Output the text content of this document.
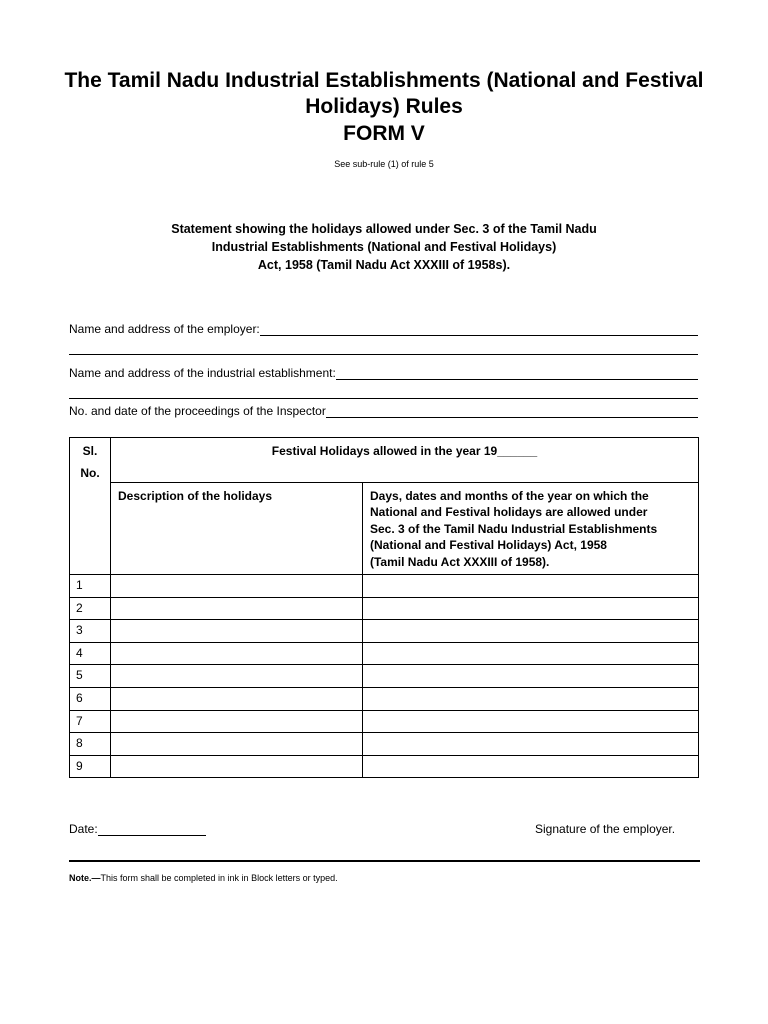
The Tamil Nadu Industrial Establishments (National and Festival Holidays) Rules
FORM V
See sub-rule (1) of rule 5
Statement showing the holidays allowed under Sec. 3 of the Tamil Nadu
Industrial Establishments (National and Festival Holidays)
Act, 1958 (Tamil Nadu Act XXXIII of 1958s).
Name and address of the employer:
Name and address of the industrial establishment:
No. and date of the proceedings of the Inspector
Sl. No.	Festival Holidays allowed in the year 19______	
	Description of the holidays	Days, dates and months of the year on which the
National and Festival holidays are allowed under
Sec. 3 of the Tamil Nadu Industrial Establishments
(National and Festival Holidays) Act, 1958
(Tamil Nadu Act XXXIII of 1958).

1		
2		
3		
4		
5		
6		
7		
8		
9		
Date:	Signature of the employer.
Note.—This form shall be completed in ink in Block letters or typed.
